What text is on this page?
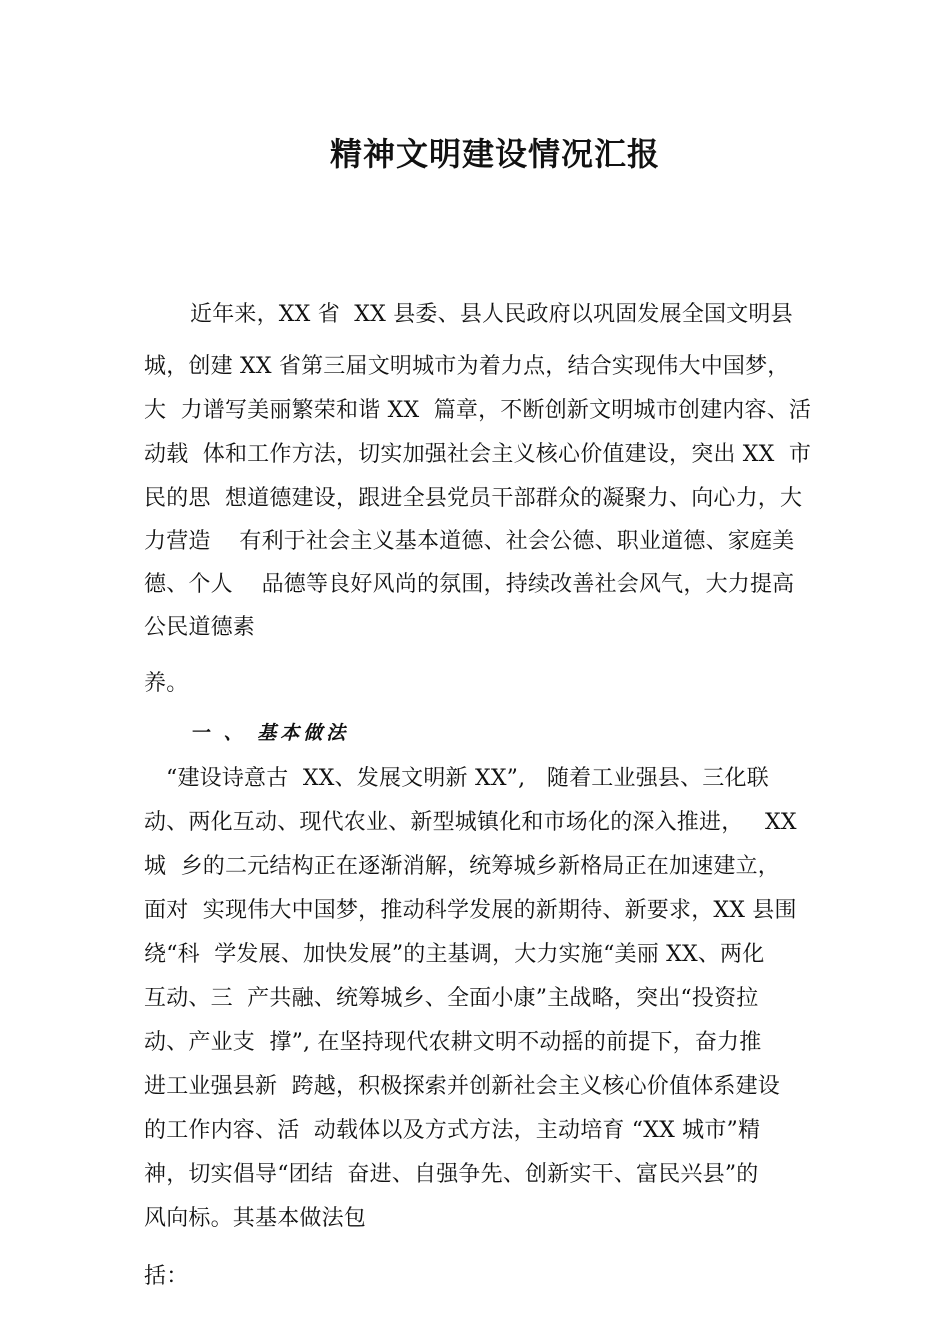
精神文明建设情况汇报
近年来，XX 省  XX 县委、县人民政府以巩固发展全国文明县
城，创建 XX 省第三届文明城市为着力点，结合实现伟大中国梦，
大  力谱写美丽繁荣和谐 XX  篇章，不断创新文明城市创建内容、活
动载  体和工作方法，切实加强社会主义核心价值建设，突出 XX  市
民的思  想道德建设，跟进全县党员干部群众的凝聚力、向心力，大
力营造    有利于社会主义基本道德、社会公德、职业道德、家庭美
德、个人    品德等良好风尚的氛围，持续改善社会风气，大力提高
公民道德素
养。
一 、 基本做法
“建设诗意古  XX、发展文明新 XX”,   随着工业强县、三化联
动、两化互动、现代农业、新型城镇化和市场化的深入推进，   XX
城  乡的二元结构正在逐渐消解，统筹城乡新格局正在加速建立，
面对  实现伟大中国梦，推动科学发展的新期待、新要求，XX 县围
绕“科  学发展、加快发展”的主基调，大力实施“美丽 XX、两化
互动、三  产共融、统筹城乡、全面小康”主战略，突出“投资拉
动、产业支  撑”, 在坚持现代农耕文明不动摇的前提下，奋力推
进工业强县新  跨越，积极探索并创新社会主义核心价值体系建设
的工作内容、活  动载体以及方式方法，主动培育 “XX 城市”精
神，切实倡导“团结  奋进、自强争先、创新实干、富民兴县”的
风向标。其基本做法包
括：
